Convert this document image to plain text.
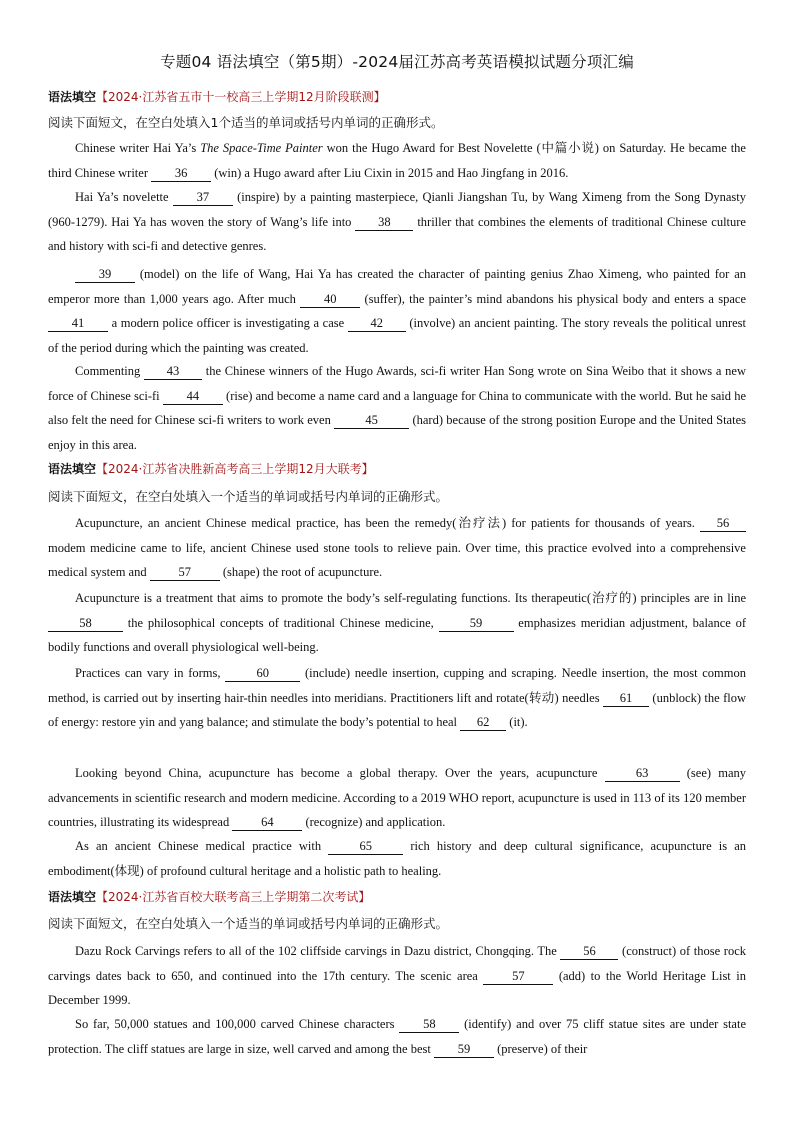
专题04 语法填空（第5期）-2024届江苏高考英语模拟试题分项汇编
语法填空【2024·江苏省五市十一校高三上学期12月阶段联测】
阅读下面短文，在空白处填入1个适当的单词或括号内单词的正确形式。

Chinese writer Hai Ya’s The Space-Time Painter won the Hugo Award for Best Novelette (中篇小说) on Saturday. He became the third Chinese writer 36 (win) a Hugo award after Liu Cixin in 2015 and Hao Jingfang in 2016.

Hai Ya’s novelette 37 (inspire) by a painting masterpiece, Qianli Jiangshan Tu, by Wang Ximeng from the Song Dynasty (960-1279). Hai Ya has woven the story of Wang’s life into 38 thriller that combines the elements of traditional Chinese culture and history with sci-fi and detective genres.

39 (model) on the life of Wang, Hai Ya has created the character of painting genius Zhao Ximeng, who painted for an emperor more than 1,000 years ago. After much 40 (suffer), the painter’s mind abandons his physical body and enters a space 41 a modern police officer is investigating a case 42 (involve) an ancient painting. The story reveals the political unrest of the period during which the painting was created.

Commenting 43 the Chinese winners of the Hugo Awards, sci-fi writer Han Song wrote on Sina Weibo that it shows a new force of Chinese sci-fi 44 (rise) and become a name card and a language for China to communicate with the world. But he said he also felt the need for Chinese sci-fi writers to work even	45	(hard) because of the strong position Europe and the United States enjoy in this area.

语法填空【2024·江苏省决胜新高考高三上学期12月大联考】
阅读下面短文，在空白处填入一个适当的单词或括号内单词的正确形式。

Acupuncture, an ancient Chinese medical practice, has been the remedy(治疗法) for patients for thousands of years. 56 modem medicine came to life, ancient Chinese used stone tools to relieve pain. Over time, this practice evolved into a comprehensive medical system and 57 (shape) the root of acupuncture.

Acupuncture is a treatment that aims to promote the body’s self-regulating functions. Its therapeutic(治疗的) principles are in line 58	the philosophical concepts of traditional Chinese medicine,	59	emphasizes meridian adjustment, balance of bodily functions and overall physiological well-being.

Practices can vary in forms,	60	(include) needle insertion, cupping and scraping. Needle insertion, the most common method, is carried out by inserting hair-thin needles into meridians. Practitioners lift and rotate(转动) needles 61 (unblock) the flow of energy: restore yin and yang balance; and stimulate the body’s potential to heal 62 (it).

Looking beyond China, acupuncture has become a global therapy. Over the years, acupuncture	63	(see) many advancements in scientific research and modern medicine. According to a 2019 WHO report, acupuncture is used in 113 of its 120 member countries, illustrating its widespread 64 (recognize) and application.

As an ancient Chinese medical practice with	65	rich history and deep cultural significance, acupuncture is an embodiment(体现) of profound cultural heritage and a holistic path to healing.

语法填空【2024·江苏省百校大联考高三上学期第二次考试】
阅读下面短文，在空白处填入一个适当的单词或括号内单词的正确形式。

Dazu Rock Carvings refers to all of the 102 cliffside carvings in Dazu district, Chongqing. The 56 (construct) of those rock carvings dates back to 650, and continued into the 17th century. The scenic area 57 (add) to the World Heritage List in December 1999.

So far, 50,000 statues and 100,000 carved Chinese characters 58 (identify) and over 75 cliff statue sites are under state protection. The cliff statues are large in size, well carved and among the best 59 (preserve) of their
